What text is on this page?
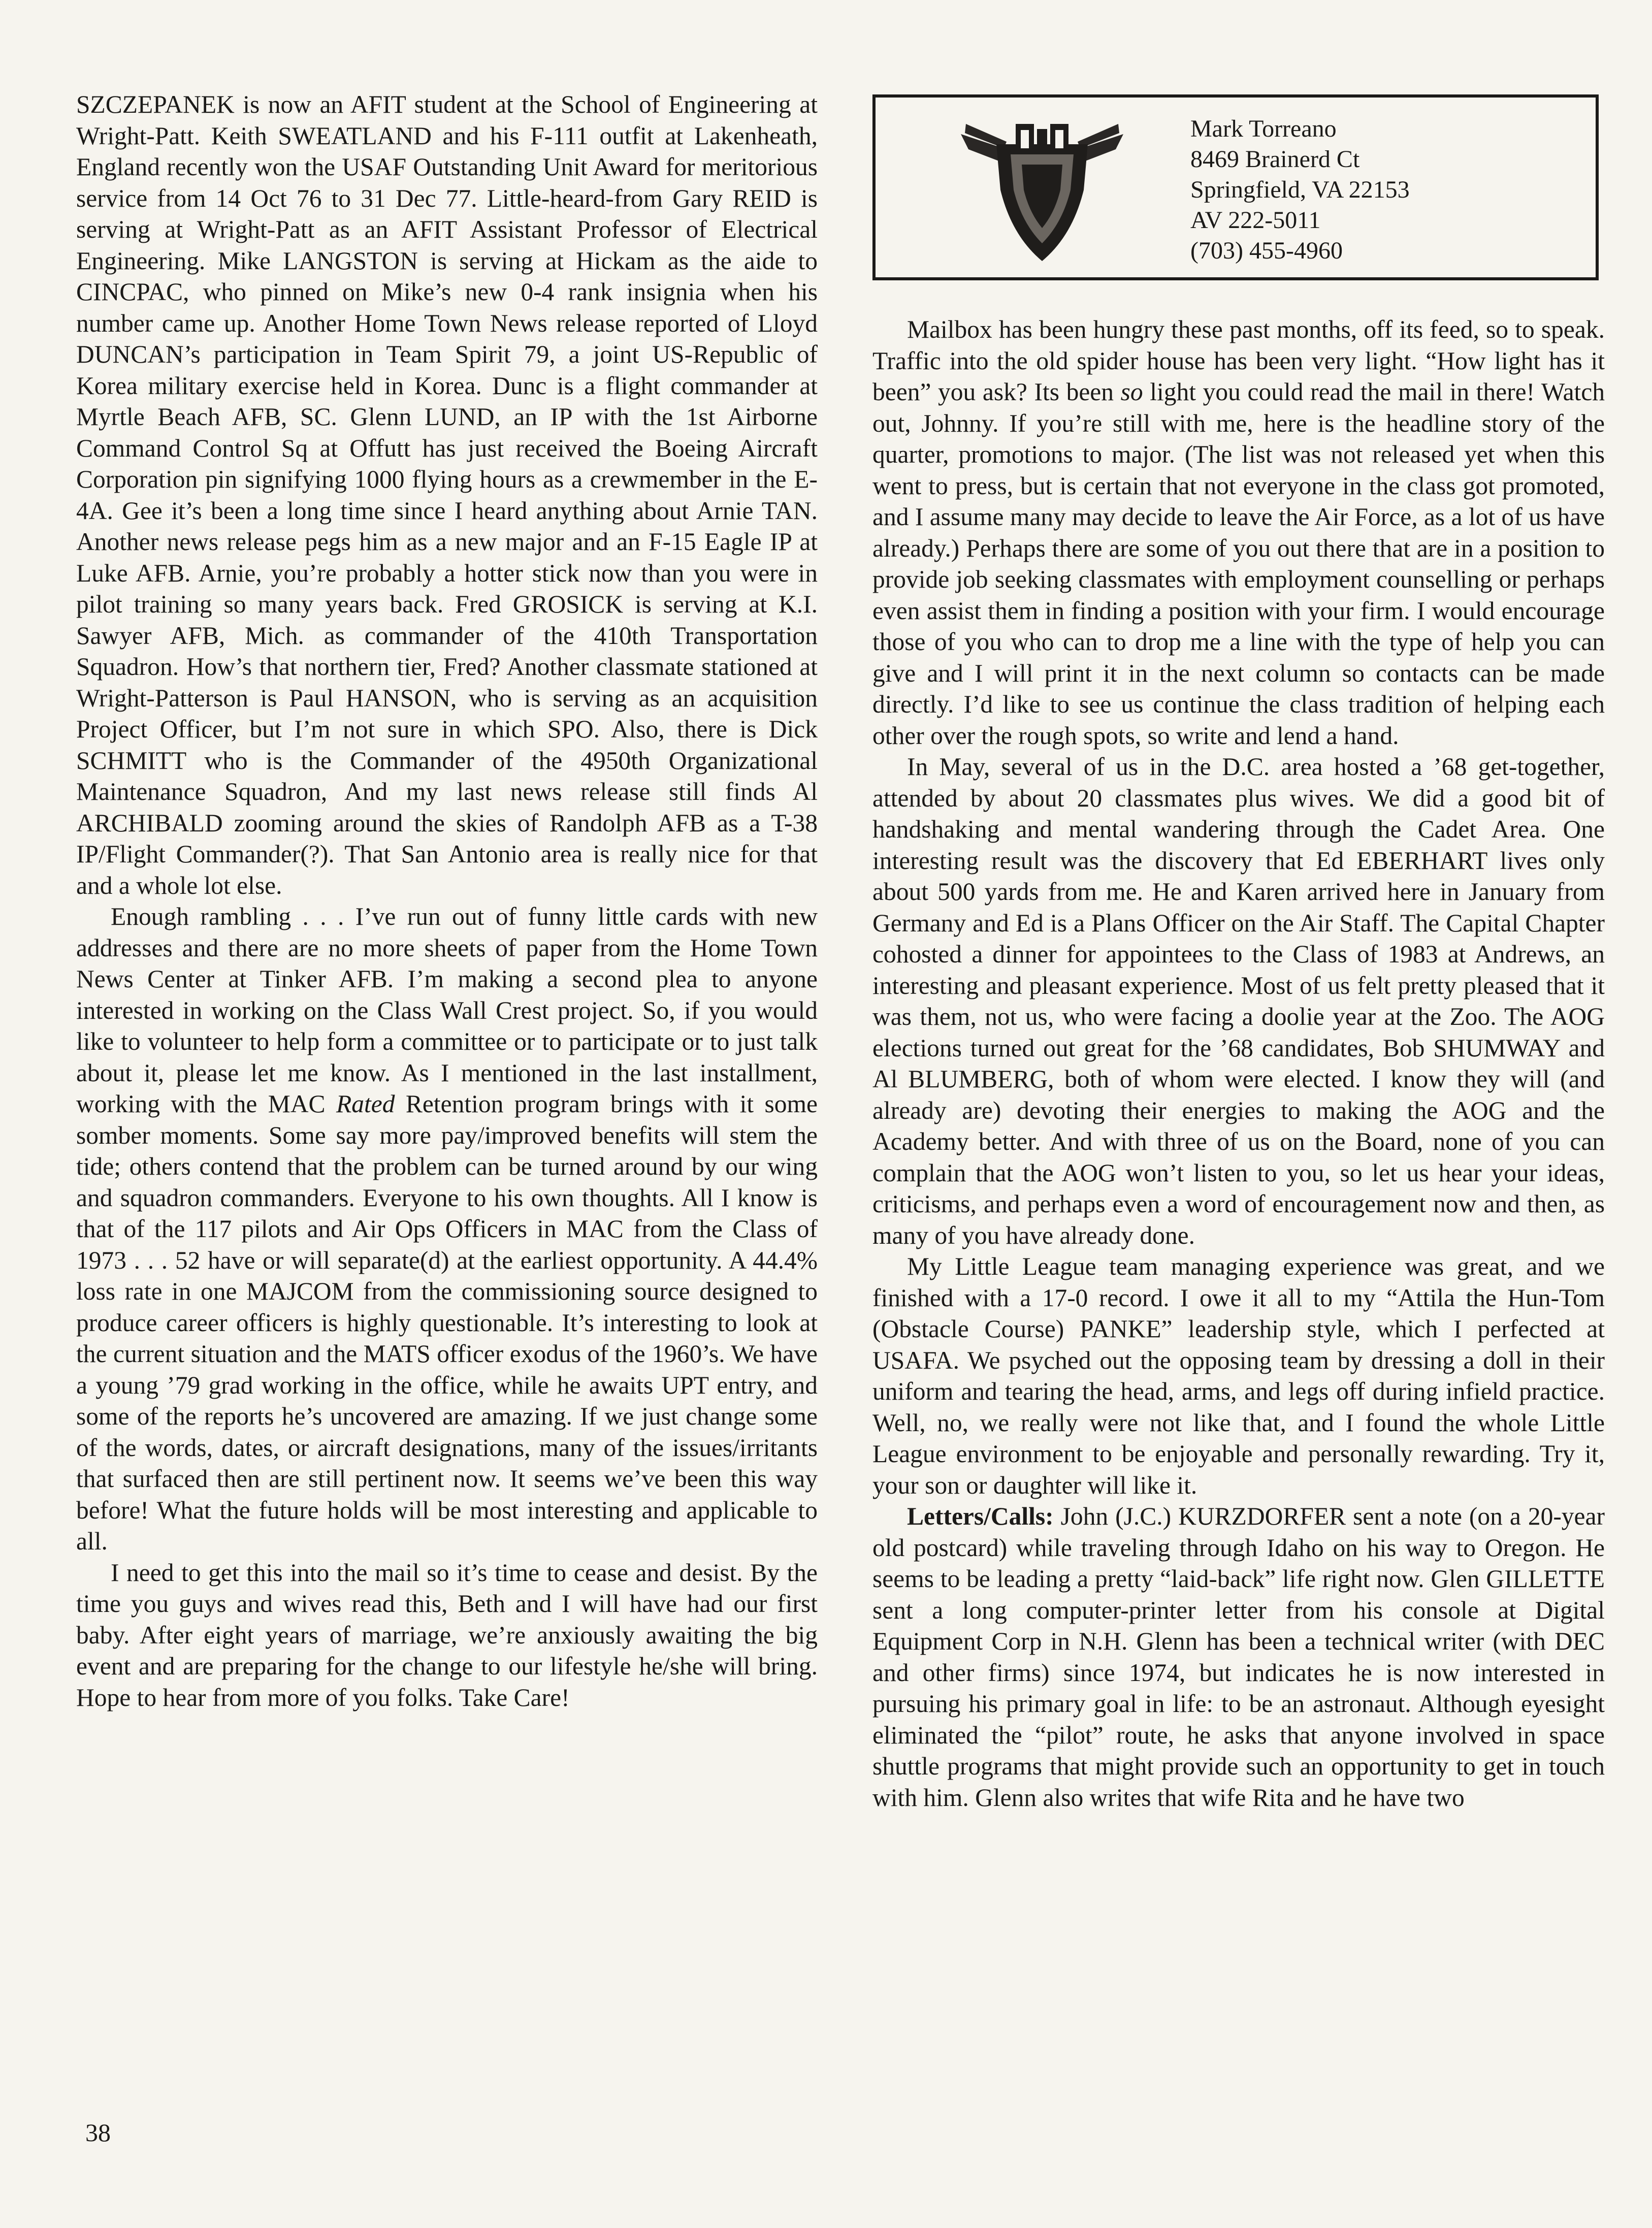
SZCZEPANEK is now an AFIT student at the School of Engineering at Wright-Patt. Keith SWEATLAND and his F-111 outfit at Lakenheath, England recently won the USAF Outstanding Unit Award for meritorious service from 14 Oct 76 to 31 Dec 77. Little-heard-from Gary REID is serving at Wright-Patt as an AFIT Assistant Professor of Electrical Engineering. Mike LANGSTON is serving at Hickam as the aide to CINCPAC, who pinned on Mike’s new 0-4 rank insignia when his number came up. Another Home Town News release reported of Lloyd DUNCAN’s participation in Team Spirit 79, a joint US-Republic of Korea military exercise held in Korea. Dunc is a flight commander at Myrtle Beach AFB, SC. Glenn LUND, an IP with the 1st Airborne Command Control Sq at Offutt has just received the Boeing Aircraft Corporation pin signifying 1000 flying hours as a crewmember in the E-4A. Gee it’s been a long time since I heard anything about Arnie TAN. Another news release pegs him as a new major and an F-15 Eagle IP at Luke AFB. Arnie, you’re probably a hotter stick now than you were in pilot training so many years back. Fred GROSICK is serving at K.I. Sawyer AFB, Mich. as commander of the 410th Transportation Squadron. How’s that northern tier, Fred? Another classmate stationed at Wright-Patterson is Paul HANSON, who is serving as an acquisition Project Officer, but I’m not sure in which SPO. Also, there is Dick SCHMITT who is the Commander of the 4950th Organizational Maintenance Squadron, And my last news release still finds Al ARCHIBALD zooming around the skies of Randolph AFB as a T-38 IP/Flight Commander(?). That San Antonio area is really nice for that and a whole lot else.

Enough rambling . . . I’ve run out of funny little cards with new addresses and there are no more sheets of paper from the Home Town News Center at Tinker AFB. I’m making a second plea to anyone interested in working on the Class Wall Crest project. So, if you would like to volunteer to help form a committee or to participate or to just talk about it, please let me know. As I mentioned in the last installment, working with the MAC Rated Retention program brings with it some somber moments. Some say more pay/improved benefits will stem the tide; others contend that the problem can be turned around by our wing and squadron commanders. Everyone to his own thoughts. All I know is that of the 117 pilots and Air Ops Officers in MAC from the Class of 1973 . . . 52 have or will separate(d) at the earliest opportunity. A 44.4% loss rate in one MAJCOM from the commissioning source designed to produce career officers is highly questionable. It’s interesting to look at the current situation and the MATS officer exodus of the 1960’s. We have a young ’79 grad working in the office, while he awaits UPT entry, and some of the reports he’s uncovered are amazing. If we just change some of the words, dates, or aircraft designations, many of the issues/irritants that surfaced then are still pertinent now. It seems we’ve been this way before! What the future holds will be most interesting and applicable to all.

I need to get this into the mail so it’s time to cease and desist. By the time you guys and wives read this, Beth and I will have had our first baby. After eight years of marriage, we’re anxiously awaiting the big event and are preparing for the change to our lifestyle he/she will bring. Hope to hear from more of you folks. Take Care!

Mark Torreano
8469 Brainerd Ct
Springfield, VA 22153
AV 222-5011
(703) 455-4960

Mailbox has been hungry these past months, off its feed, so to speak. Traffic into the old spider house has been very light. “How light has it been” you ask? Its been so light you could read the mail in there! Watch out, Johnny. If you’re still with me, here is the headline story of the quarter, promotions to major. (The list was not released yet when this went to press, but is certain that not everyone in the class got promoted, and I assume many may decide to leave the Air Force, as a lot of us have already.) Perhaps there are some of you out there that are in a position to provide job seeking classmates with employment counselling or perhaps even assist them in finding a position with your firm. I would encourage those of you who can to drop me a line with the type of help you can give and I will print it in the next column so contacts can be made directly. I’d like to see us continue the class tradition of helping each other over the rough spots, so write and lend a hand.

In May, several of us in the D.C. area hosted a ’68 get-together, attended by about 20 classmates plus wives. We did a good bit of handshaking and mental wandering through the Cadet Area. One interesting result was the discovery that Ed EBERHART lives only about 500 yards from me. He and Karen arrived here in January from Germany and Ed is a Plans Officer on the Air Staff. The Capital Chapter cohosted a dinner for appointees to the Class of 1983 at Andrews, an interesting and pleasant experience. Most of us felt pretty pleased that it was them, not us, who were facing a doolie year at the Zoo. The AOG elections turned out great for the ’68 candidates, Bob SHUMWAY and Al BLUMBERG, both of whom were elected. I know they will (and already are) devoting their energies to making the AOG and the Academy better. And with three of us on the Board, none of you can complain that the AOG won’t listen to you, so let us hear your ideas, criticisms, and perhaps even a word of encouragement now and then, as many of you have already done.

My Little League team managing experience was great, and we finished with a 17-0 record. I owe it all to my “Attila the Hun-Tom (Obstacle Course) PANKE” leadership style, which I perfected at USAFA. We psyched out the opposing team by dressing a doll in their uniform and tearing the head, arms, and legs off during infield practice. Well, no, we really were not like that, and I found the whole Little League environment to be enjoyable and personally rewarding. Try it, your son or daughter will like it.

Letters/Calls: John (J.C.) KURZDORFER sent a note (on a 20-year old postcard) while traveling through Idaho on his way to Oregon. He seems to be leading a pretty “laid-back” life right now. Glen GILLETTE sent a long computer-printer letter from his console at Digital Equipment Corp in N.H. Glenn has been a technical writer (with DEC and other firms) since 1974, but indicates he is now interested in pursuing his primary goal in life: to be an astronaut. Although eyesight eliminated the “pilot” route, he asks that anyone involved in space shuttle programs that might provide such an opportunity to get in touch with him. Glenn also writes that wife Rita and he have two

38
